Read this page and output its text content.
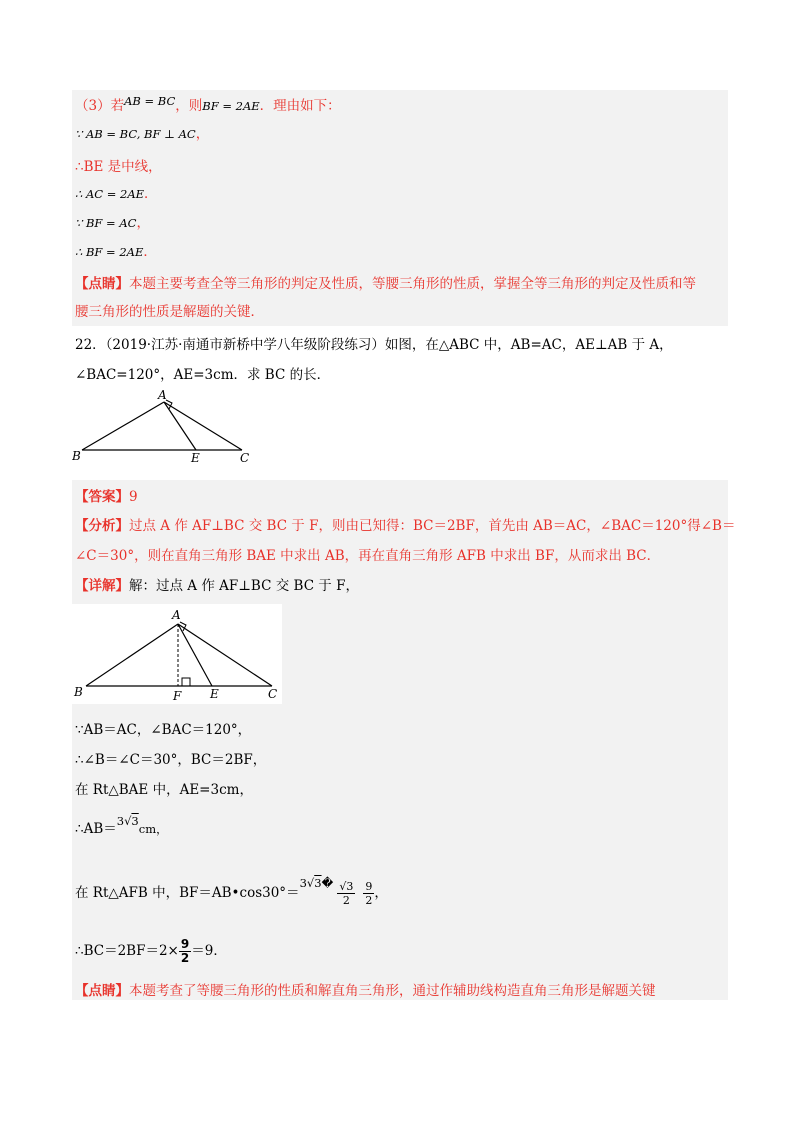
（3）若AB = BC，则BF = 2AE．理由如下：
∵ AB = BC, BF ⊥ AC，
∴BE 是中线，
∴ AC = 2AE．
∵ BF = AC，
∴ BF = 2AE．
【点睛】本题主要考查全等三角形的判定及性质，等腰三角形的性质，掌握全等三角形的判定及性质和等
腰三角形的性质是解题的关键．
22．（2019·江苏·南通市新桥中学八年级阶段练习）如图，在△ABC 中，AB=AC，AE⊥AB 于 A，
∠BAC=120°，AE=3cm．求 BC 的长．
A
B	E	C
【答案】9
【分析】过点 A 作 AF⊥BC 交 BC 于 F，则由已知得：BC＝2BF，首先由 AB＝AC，∠BAC＝120°得∠B＝
∠C＝30°，则在直角三角形 BAE 中求出 AB，再在直角三角形 AFB 中求出 BF，从而求出 BC．
【详解】解：过点 A 作 AF⊥BC 交 BC 于 F，
A
B	F E	C
∵AB＝AC，∠BAC＝120°，
∴∠B＝∠C＝30°，BC＝2BF，
在 Rt△BAE 中，AE=3cm，
∴AB＝3√3cm，
在 Rt△AFB 中，BF＝AB•cos30°＝3√3� $\frac{√3}{2} \frac{9}{2}$ ，
∴BC＝2BF＝2× $\frac{9}{2} =9$．
【点睛】本题考查了等腰三角形的性质和解直角三角形，通过作辅助线构造直角三角形是解题关键
